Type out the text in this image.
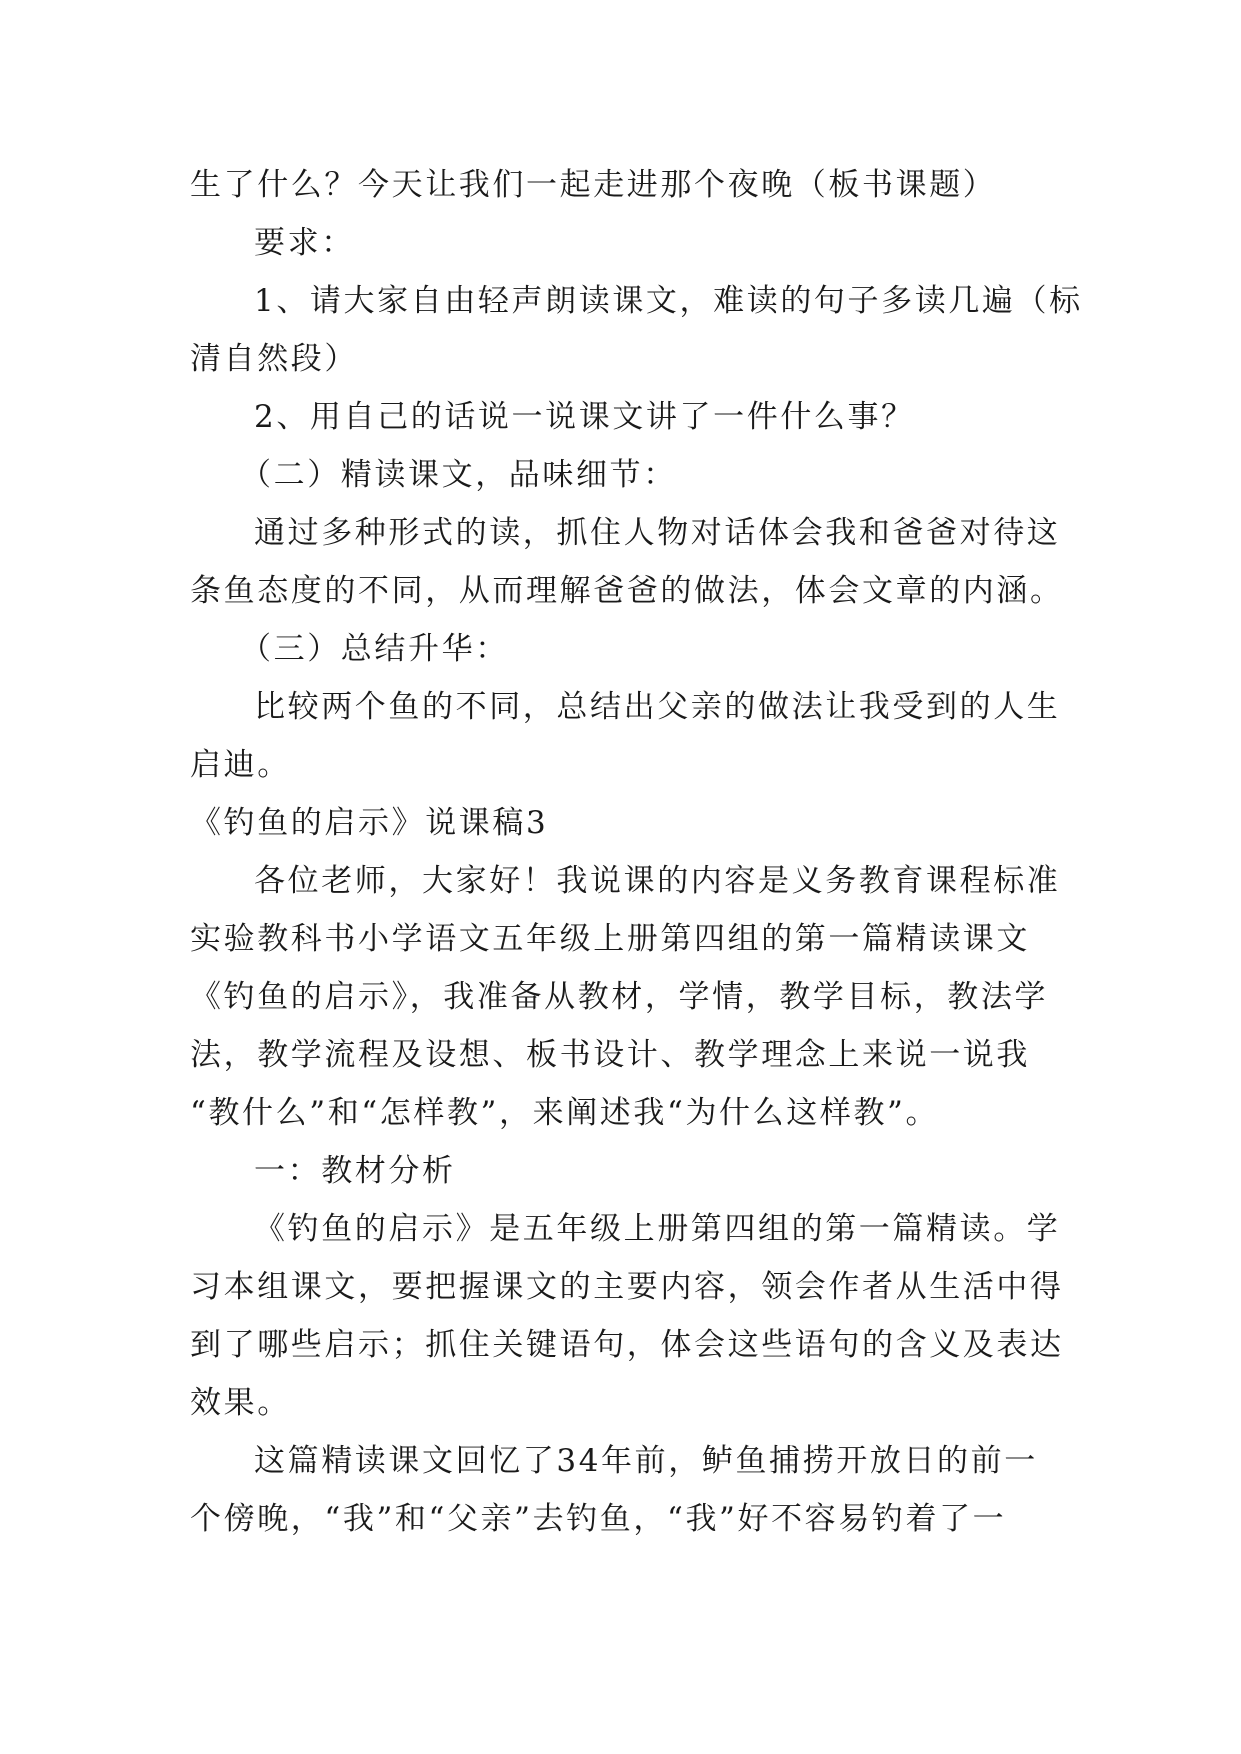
生了什么？今天让我们一起走进那个夜晚（板书课题）

要求：

1、请大家自由轻声朗读课文，难读的句子多读几遍（标

清自然段）

2、用自己的话说一说课文讲了一件什么事？

（二）精读课文，品味细节：

通过多种形式的读，抓住人物对话体会我和爸爸对待这

条鱼态度的不同，从而理解爸爸的做法，体会文章的内涵。

（三）总结升华：

比较两个鱼的不同，总结出父亲的做法让我受到的人生

启迪。

《钓鱼的启示》说课稿3

各位老师，大家好！我说课的内容是义务教育课程标准

实验教科书小学语文五年级上册第四组的第一篇精读课文

《钓鱼的启示》，我准备从教材，学情，教学目标，教法学

法，教学流程及设想、板书设计、教学理念上来说一说我

“教什么”和“怎样教”，来阐述我“为什么这样教”。

一：教材分析

《钓鱼的启示》是五年级上册第四组的第一篇精读。学

习本组课文，要把握课文的主要内容，领会作者从生活中得

到了哪些启示；抓住关键语句，体会这些语句的含义及表达

效果。

这篇精读课文回忆了34年前，鲈鱼捕捞开放日的前一

个傍晚，“我”和“父亲”去钓鱼，“我”好不容易钓着了一
